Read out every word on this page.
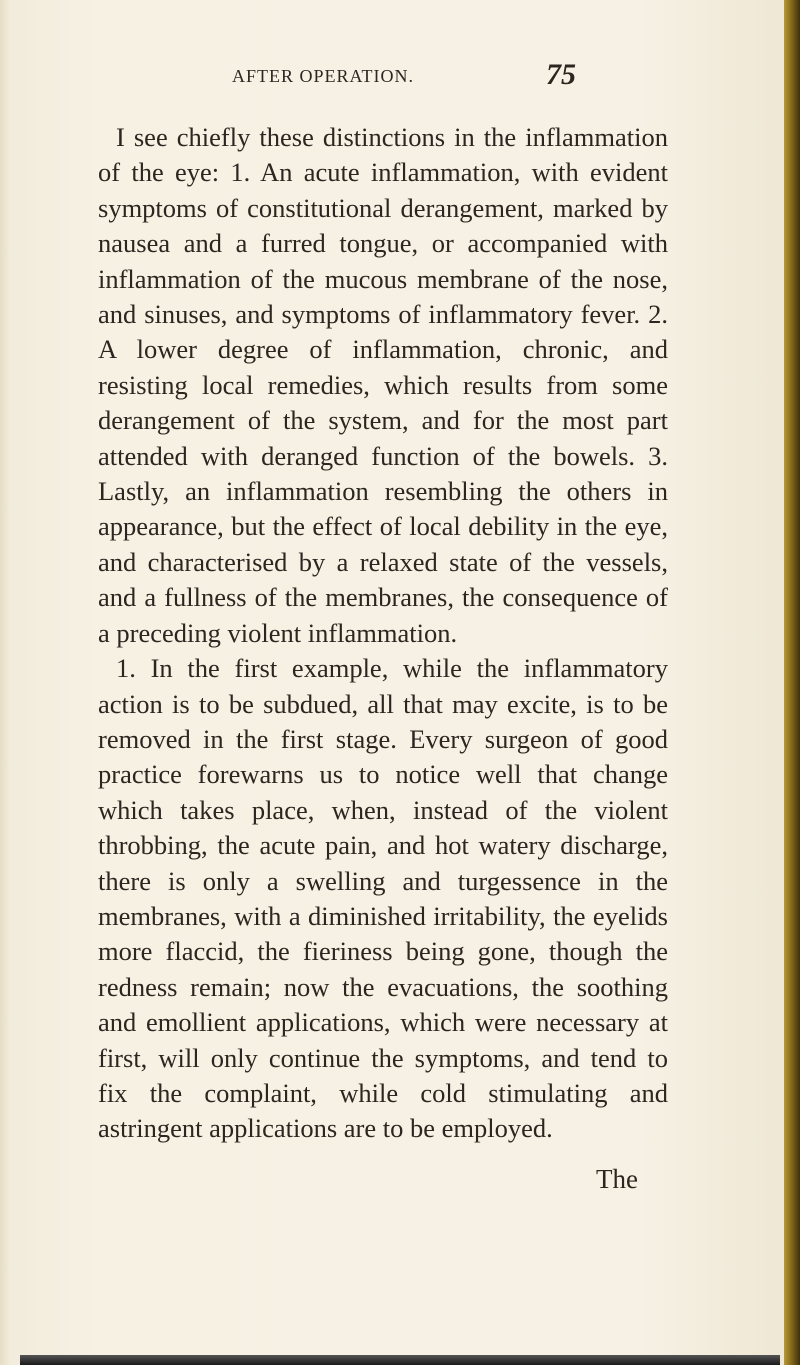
AFTER OPERATION.	75

I see chiefly these distinctions in the inflammation of the eye: 1. An acute inflammation, with evident symptoms of constitutional derangement, marked by nausea and a furred tongue, or accompanied with inflammation of the mucous membrane of the nose, and sinuses, and symptoms of inflammatory fever. 2. A lower degree of inflammation, chronic, and resisting local remedies, which results from some derangement of the system, and for the most part attended with deranged function of the bowels. 3. Lastly, an inflammation resembling the others in appearance, but the effect of local debility in the eye, and characterised by a relaxed state of the vessels, and a fullness of the membranes, the consequence of a preceding violent inflammation.

1. In the first example, while the inflammatory action is to be subdued, all that may excite, is to be removed in the first stage. Every surgeon of good practice forewarns us to notice well that change which takes place, when, instead of the violent throbbing, the acute pain, and hot watery discharge, there is only a swelling and turgessence in the membranes, with a diminished irritability, the eyelids more flaccid, the fieriness being gone, though the redness remain; now the evacuations, the soothing and emollient applications, which were necessary at first, will only continue the symptoms, and tend to fix the complaint, while cold stimulating and astringent applications are to be employed.

The
